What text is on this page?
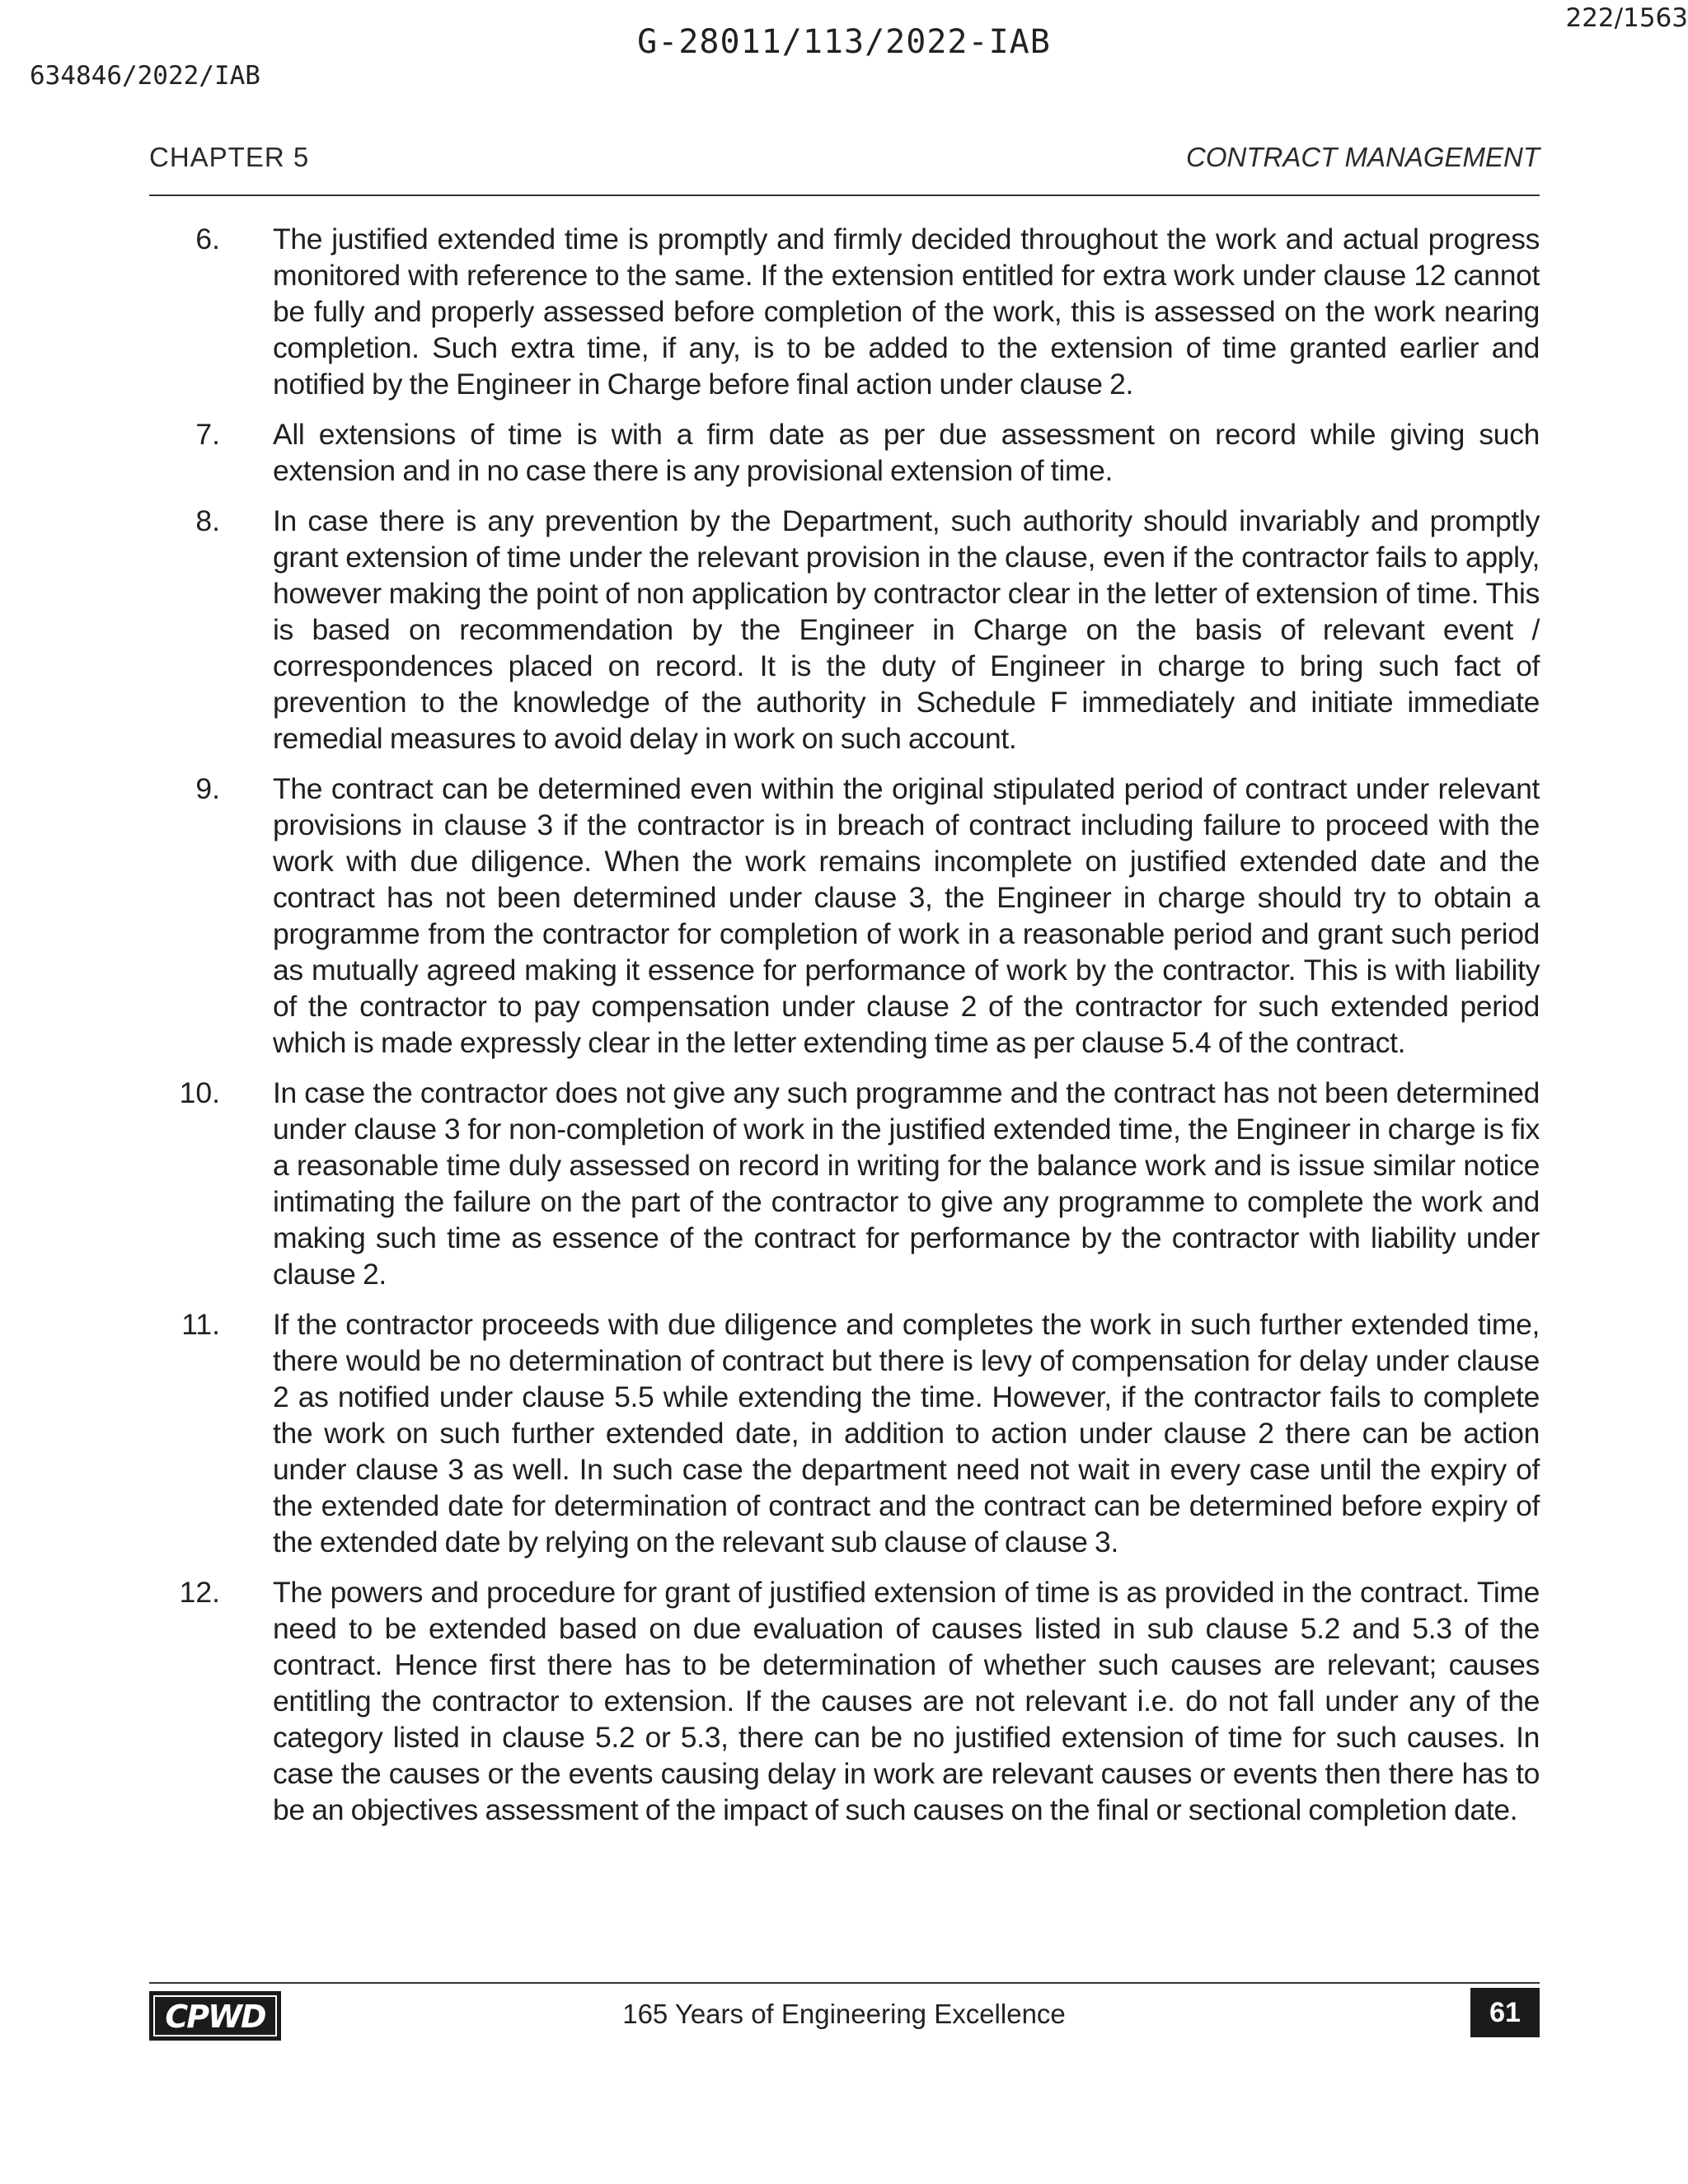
G-28011/113/2022-IAB
634846/2022/IAB
222/1563
CHAPTER 5	CONTRACT MANAGEMENT
6.	The justified extended time is promptly and firmly decided throughout the work and actual progress monitored with reference to the same. If the extension entitled for extra work under clause 12 cannot be fully and properly assessed before completion of the work, this is assessed on the work nearing completion. Such extra time, if any, is to be added to the extension of time granted earlier and notified by the Engineer in Charge before final action under clause 2.
7.	All extensions of time is with a firm date as per due assessment on record while giving such extension and in no case there is any provisional extension of time.
8.	In case there is any prevention by the Department, such authority should invariably and promptly grant extension of time under the relevant provision in the clause, even if the contractor fails to apply, however making the point of non application by contractor clear in the letter of extension of time. This is based on recommendation by the Engineer in Charge on the basis of relevant event / correspondences placed on record. It is the duty of Engineer in charge to bring such fact of prevention to the knowledge of the authority in Schedule F immediately and initiate immediate remedial measures to avoid delay in work on such account.
9.	The contract can be determined even within the original stipulated period of contract under relevant provisions in clause 3 if the contractor is in breach of contract including failure to proceed with the work with due diligence. When the work remains incomplete on justified extended date and the contract has not been determined under clause 3, the Engineer in charge should try to obtain a programme from the contractor for completion of work in a reasonable period and grant such period as mutually agreed making it essence for performance of work by the contractor. This is with liability of the contractor to pay compensation under clause 2 of the contractor for such extended period which is made expressly clear in the letter extending time as per clause 5.4 of the contract.
10.	In case the contractor does not give any such programme and the contract has not been determined under clause 3 for non-completion of work in the justified extended time, the Engineer in charge is fix a reasonable time duly assessed on record in writing for the balance work and is issue similar notice intimating the failure on the part of the contractor to give any programme to complete the work and making such time as essence of the contract for performance by the contractor with liability under clause 2.
11.	If the contractor proceeds with due diligence and completes the work in such further extended time, there would be no determination of contract but there is levy of compensation for delay under clause 2 as notified under clause 5.5 while extending the time. However, if the contractor fails to complete the work on such further extended date, in addition to action under clause 2 there can be action under clause 3 as well. In such case the department need not wait in every case until the expiry of the extended date for determination of contract and the contract can be determined before expiry of the extended date by relying on the relevant sub clause of clause 3.
12.	The powers and procedure for grant of justified extension of time is as provided in the contract. Time need to be extended based on due evaluation of causes listed in sub clause 5.2 and 5.3 of the contract. Hence first there has to be determination of whether such causes are relevant; causes entitling the contractor to extension. If the causes are not relevant i.e. do not fall under any of the category listed in clause 5.2 or 5.3, there can be no justified extension of time for such causes. In case the causes or the events causing delay in work are relevant causes or events then there has to be an objectives assessment of the impact of such causes on the final or sectional completion date.
CPWD	165 Years of Engineering Excellence	61
